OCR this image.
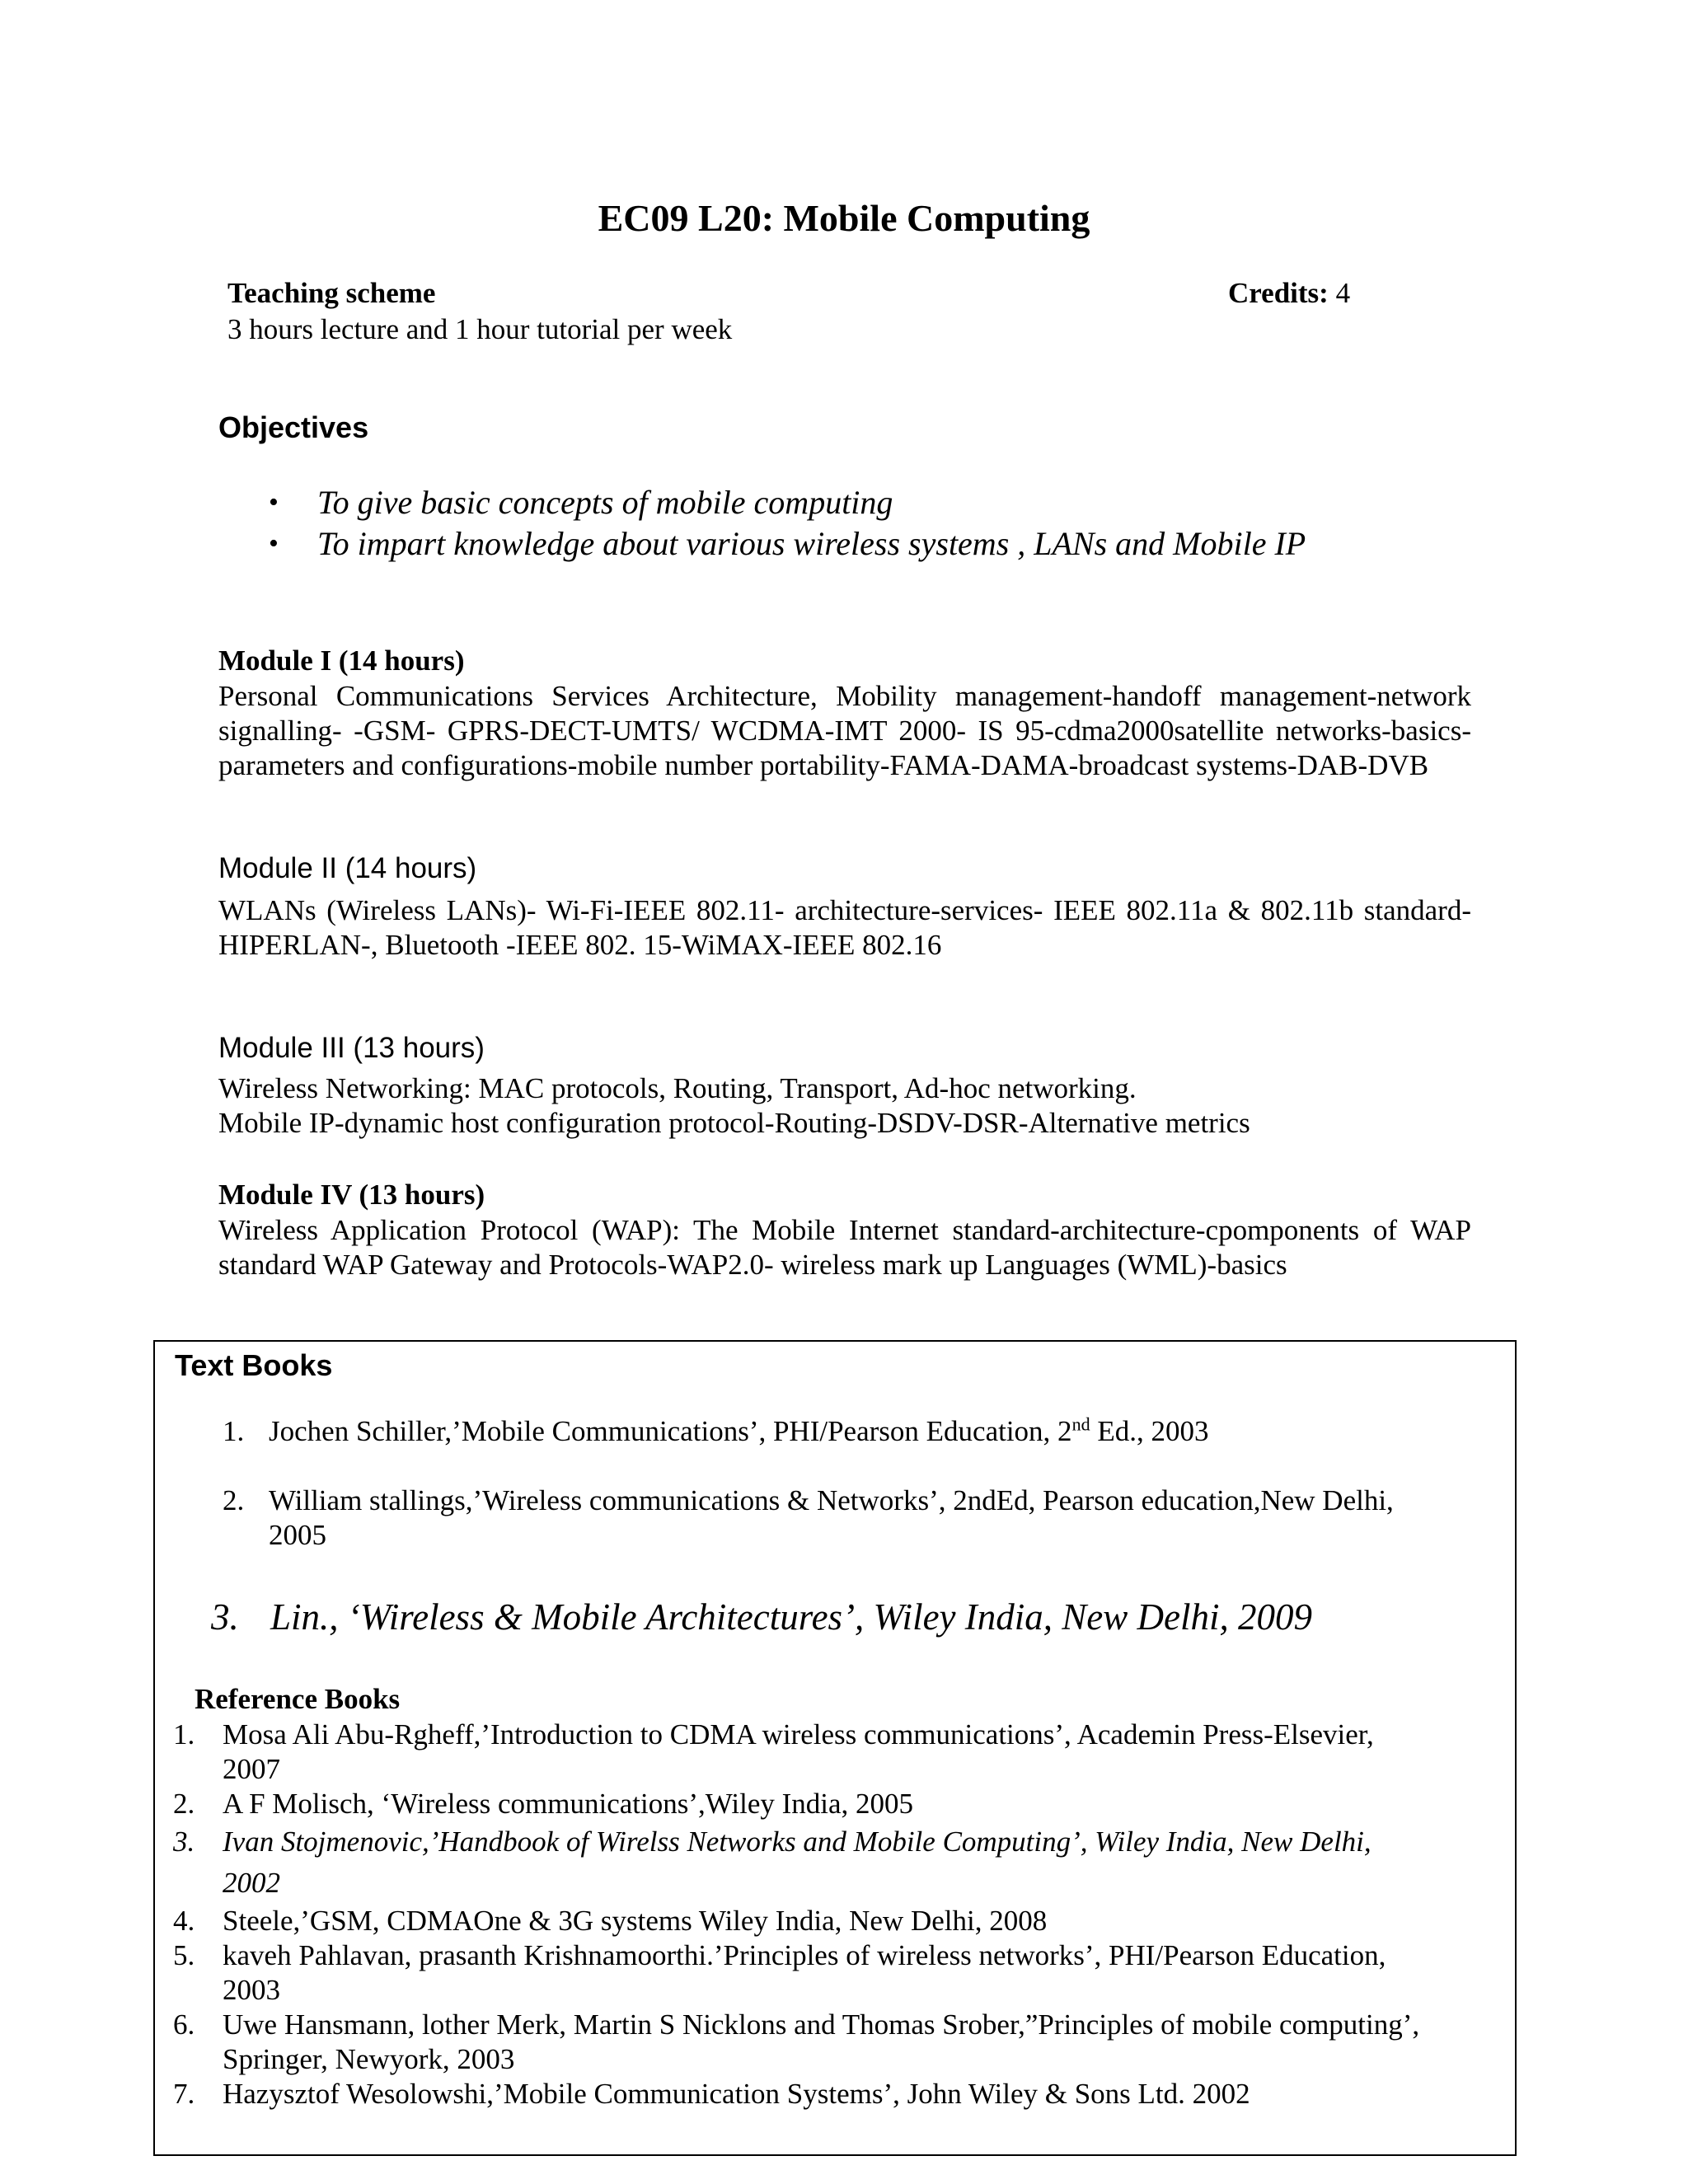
EC09 L20: Mobile Computing
Teaching scheme	Credits: 4
3 hours lecture and 1 hour tutorial per week
Objectives
• To give basic concepts of mobile computing
• To impart knowledge about various wireless systems , LANs and Mobile IP
Module I (14 hours)
Personal Communications Services Architecture, Mobility management-handoff management-network signalling- -GSM- GPRS-DECT-UMTS/ WCDMA-IMT 2000- IS 95-cdma2000satellite networks-basics-parameters and configurations-mobile number portability-FAMA-DAMA-broadcast systems-DAB-DVB
Module II (14 hours)
WLANs (Wireless LANs)- Wi-Fi-IEEE 802.11- architecture-services- IEEE 802.11a & 802.11b standard-HIPERLAN-, Bluetooth -IEEE 802. 15-WiMAX-IEEE 802.16
Module III (13 hours)
Wireless Networking: MAC protocols, Routing, Transport, Ad-hoc networking.
Mobile IP-dynamic host configuration protocol-Routing-DSDV-DSR-Alternative metrics
Module IV (13 hours)
Wireless Application Protocol (WAP): The Mobile Internet standard-architecture-cpomponents of WAP standard WAP Gateway and Protocols-WAP2.0- wireless mark up Languages (WML)-basics
Text Books
1. Jochen Schiller,’Mobile Communications’, PHI/Pearson Education, 2nd Ed., 2003
2. William stallings,’Wireless communications & Networks’, 2ndEd, Pearson education,New Delhi,
2005
3. Lin., ‘Wireless & Mobile Architectures’, Wiley India, New Delhi, 2009
Reference Books
1. Mosa Ali Abu-Rgheff,’Introduction to CDMA wireless communications’, Academin Press-Elsevier,
2007
2. A F Molisch, ‘Wireless communications’,Wiley India, 2005
3. Ivan Stojmenovic,’Handbook of Wirelss Networks and Mobile Computing’, Wiley India, New Delhi,
2002
4. Steele,’GSM, CDMAOne & 3G systems Wiley India, New Delhi, 2008
5. kaveh Pahlavan, prasanth Krishnamoorthi.’Principles of wireless networks’, PHI/Pearson Education,
2003
6. Uwe Hansmann, lother Merk, Martin S Nicklons and Thomas Srober,”Principles of mobile computing’,
Springer, Newyork, 2003
7. Hazysztof Wesolowshi,’Mobile Communication Systems’, John Wiley & Sons Ltd. 2002
